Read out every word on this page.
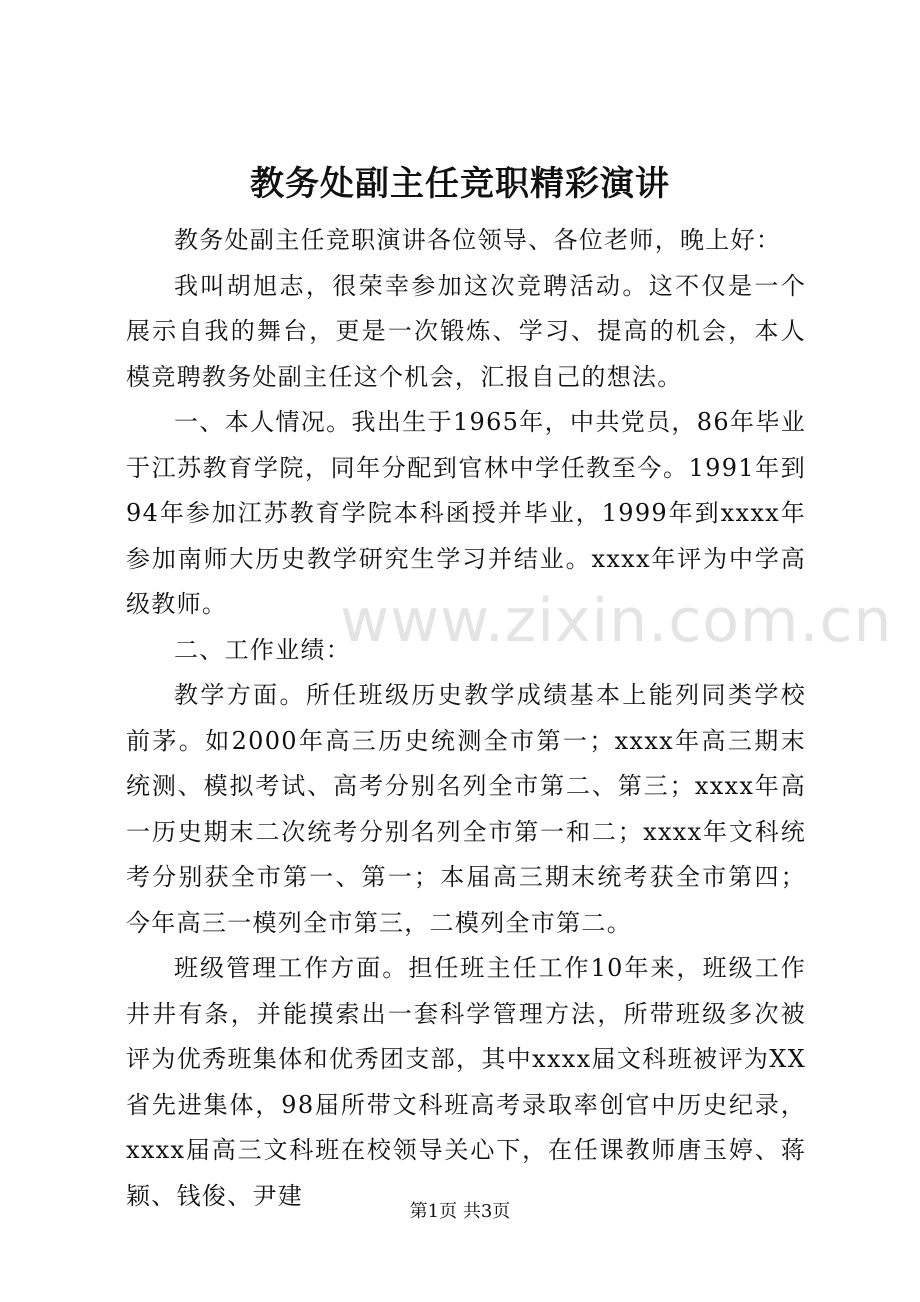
www.zixin.com.cn
教务处副主任竞职精彩演讲

教务处副主任竞职演讲各位领导、各位老师，晚上好：

我叫胡旭志，很荣幸参加这次竞聘活动。这不仅是一个展示自我的舞台，更是一次锻炼、学习、提高的机会，本人模竞聘教务处副主任这个机会，汇报自己的想法。

一、本人情况。我出生于1965年，中共党员，86年毕业于江苏教育学院，同年分配到官林中学任教至今。1991年到94年参加江苏教育学院本科函授并毕业，1999年到xxxx年参加南师大历史教学研究生学习并结业。xxxx年评为中学高级教师。

二、工作业绩：

教学方面。所任班级历史教学成绩基本上能列同类学校前茅。如2000年高三历史统测全市第一；xxxx年高三期末统测、模拟考试、高考分别名列全市第二、第三；xxxx年高一历史期末二次统考分别名列全市第一和二；xxxx年文科统考分别获全市第一、第一；本届高三期末统考获全市第四；今年高三一模列全市第三，二模列全市第二。

班级管理工作方面。担任班主任工作10年来，班级工作井井有条，并能摸索出一套科学管理方法，所带班级多次被评为优秀班集体和优秀团支部，其中xxxx届文科班被评为XX省先进集体，98届所带文科班高考录取率创官中历史纪录，xxxx届高三文科班在校领导关心下，在任课教师唐玉婷、蒋颖、钱俊、尹建

第1页 共3页
